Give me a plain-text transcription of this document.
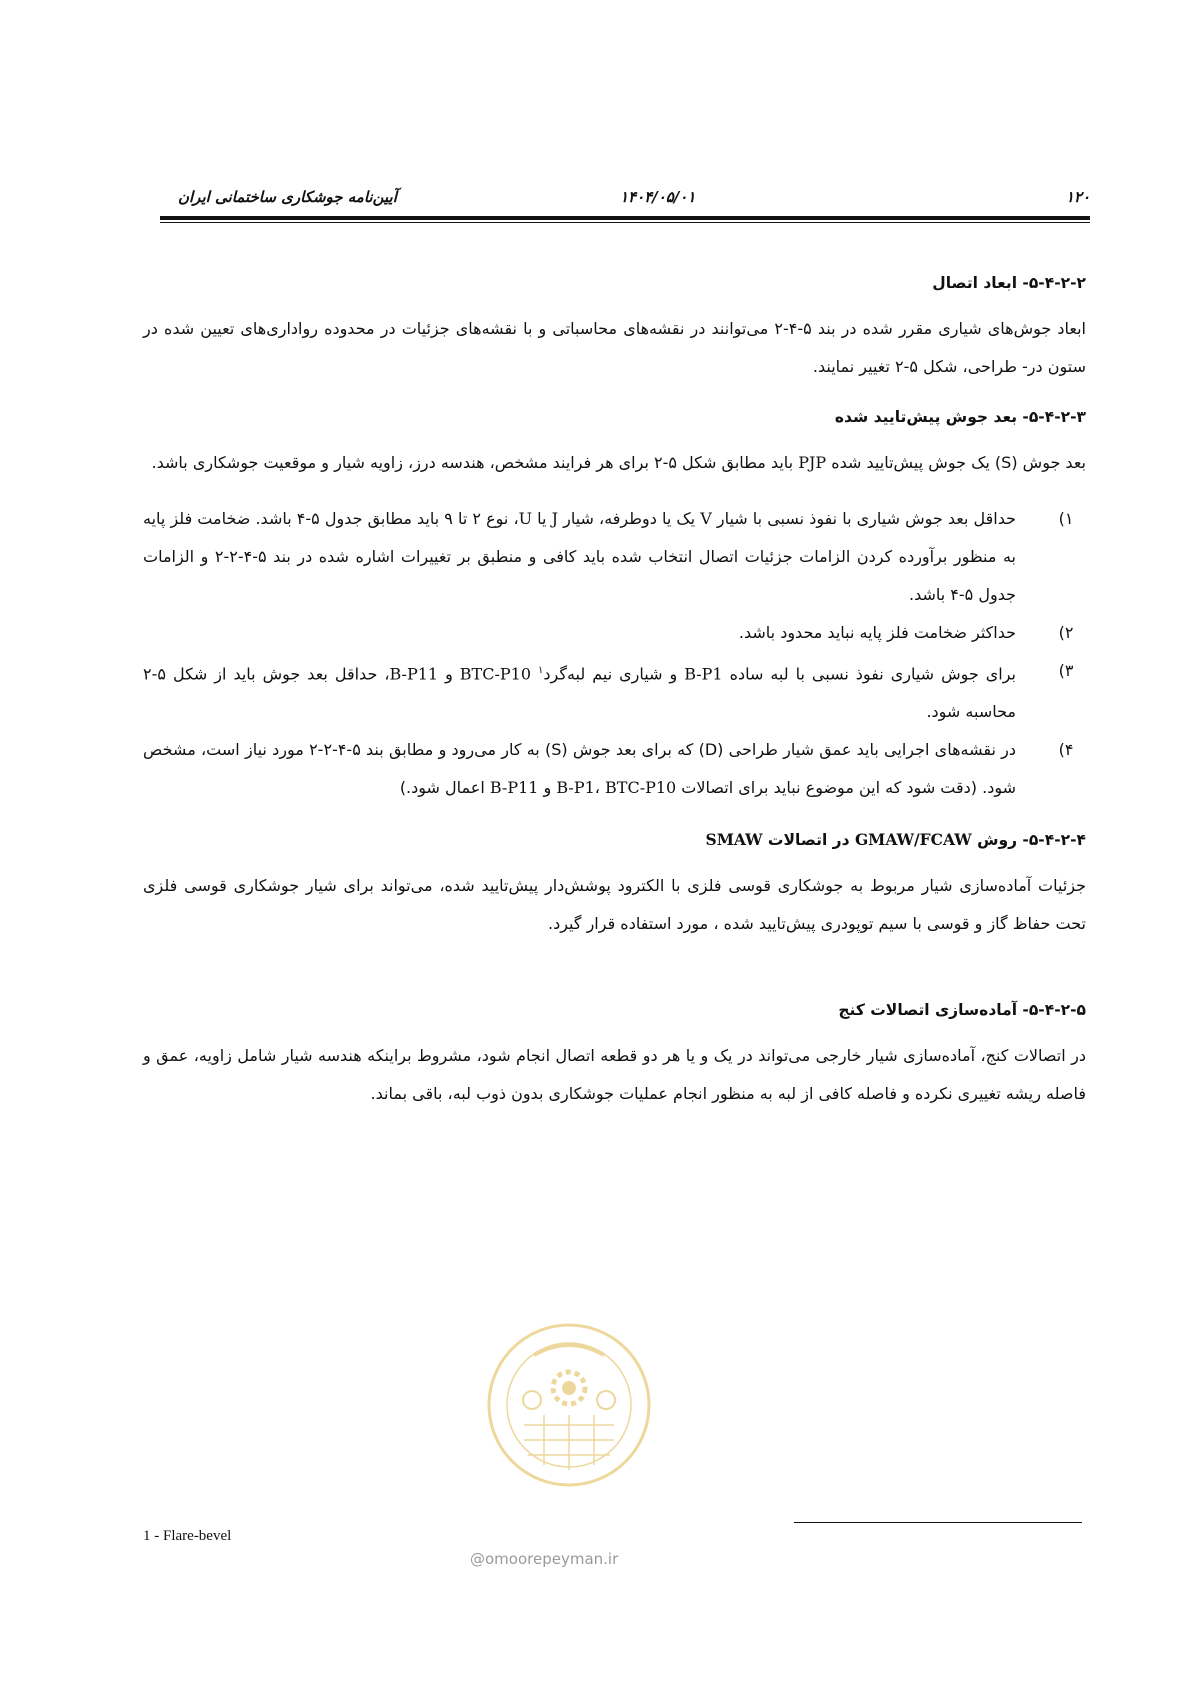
۱۲۰
۱۴۰۴/۰۵/۰۱
آیین‌نامه جوشکاری ساختمانی ایران
۵-۴-۲-۲- ابعاد اتصال

ابعاد جوش‌های شیاری مقرر شده در بند ۵-۴-۲ می‌توانند در نقشه‌های محاسباتی و با نقشه‌های جزئیات در محدوده رواداری‌های تعیین شده در ستون در- طراحی، شکل ۵-۲ تغییر نمایند.

۵-۴-۲-۳- بعد جوش پیش‌تایید شده

بعد جوش (S) یک جوش پیش‌تایید شده PJP باید مطابق شکل ۵-۲ برای هر فرایند مشخص، هندسه درز، زاویه شیار و موقعیت جوشکاری باشد.

۱)
حداقل بعد جوش شیاری با نفوذ نسبی با شیار V یک یا دوطرفه، شیار J یا U، نوع ۲ تا ۹ باید مطابق جدول ۵-۴ باشد. ضخامت فلز پایه به منظور برآورده کردن الزامات جزئیات اتصال انتخاب شده باید کافی و منطبق بر تغییرات اشاره شده در بند ۵-۴-۲-۲ و الزامات جدول ۵-۴ باشد.
۲)
حداکثر ضخامت فلز پایه نباید محدود باشد.
۳)
برای جوش شیاری نفوذ نسبی با لبه ساده B-P1 و شیاری نیم لبه‌گرد$^۱$ BTC-P10 و B-P11، حداقل بعد جوش باید از شکل ۵-۲ محاسبه شود.
۴)
در نقشه‌های اجرایی باید عمق شیار طراحی (D) که برای بعد جوش (S) به کار می‌رود و مطابق بند ۵-۴-۲-۲ مورد نیاز است، مشخص شود. (دقت شود که این موضوع نباید برای اتصالات B-P1، BTC-P10 و B-P11 اعمال شود.)
۵-۴-۲-۴- روش GMAW/FCAW در اتصالات SMAW

جزئیات آماده‌سازی شیار مربوط به جوشکاری قوسی فلزی با الکترود پوشش‌دار پیش‌تایید شده، می‌تواند برای شیار جوشکاری قوسی فلزی تحت حفاظ گاز و قوسی با سیم توپودری پیش‌تایید شده ، مورد استفاده قرار گیرد.

۵-۴-۲-۵- آماده‌سازی اتصالات کنج

در اتصالات کنج، آماده‌سازی شیار خارجی می‌تواند در یک و یا هر دو قطعه اتصال انجام شود، مشروط براینکه هندسه شیار شامل زاویه، عمق و فاصله ریشه تغییری نکرده و فاصله کافی از لبه به منظور انجام عملیات جوشکاری بدون ذوب لبه، باقی بماند.

@omoorepeyman.ir
1 - Flare-bevel
